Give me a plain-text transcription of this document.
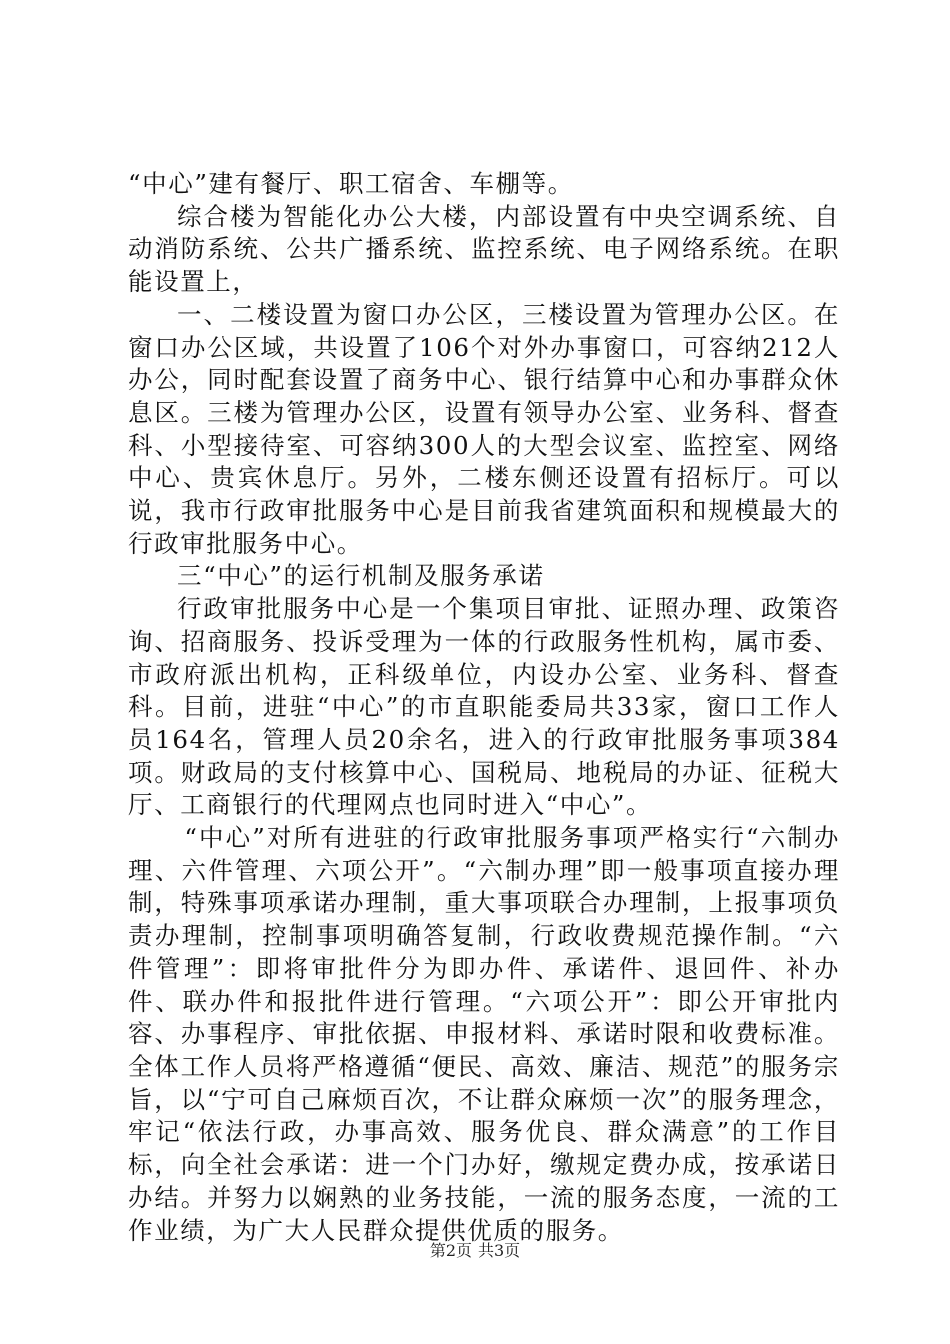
“中心”建有餐厅、职工宿舍、车棚等。

综合楼为智能化办公大楼，内部设置有中央空调系统、自动消防系统、公共广播系统、监控系统、电子网络系统。在职能设置上，

一、二楼设置为窗口办公区，三楼设置为管理办公区。在窗口办公区域，共设置了106个对外办事窗口，可容纳212人办公，同时配套设置了商务中心、银行结算中心和办事群众休息区。三楼为管理办公区，设置有领导办公室、业务科、督查科、小型接待室、可容纳300人的大型会议室、监控室、网络中心、贵宾休息厅。另外，二楼东侧还设置有招标厅。可以说，我市行政审批服务中心是目前我省建筑面积和规模最大的行政审批服务中心。

三“中心”的运行机制及服务承诺

行政审批服务中心是一个集项目审批、证照办理、政策咨询、招商服务、投诉受理为一体的行政服务性机构，属市委、市政府派出机构，正科级单位，内设办公室、业务科、督查科。目前，进驻“中心”的市直职能委局共33家，窗口工作人员164名，管理人员20余名，进入的行政审批服务事项384项。财政局的支付核算中心、国税局、地税局的办证、征税大厅、工商银行的代理网点也同时进入“中心”。

“中心”对所有进驻的行政审批服务事项严格实行“六制办理、六件管理、六项公开”。“六制办理”即一般事项直接办理制，特殊事项承诺办理制，重大事项联合办理制，上报事项负责办理制，控制事项明确答复制，行政收费规范操作制。“六件管理”：即将审批件分为即办件、承诺件、退回件、补办件、联办件和报批件进行管理。“六项公开”：即公开审批内容、办事程序、审批依据、申报材料、承诺时限和收费标准。全体工作人员将严格遵循“便民、高效、廉洁、规范”的服务宗旨，以“宁可自己麻烦百次，不让群众麻烦一次”的服务理念，牢记“依法行政，办事高效、服务优良、群众满意”的工作目标，向全社会承诺：进一个门办好，缴规定费办成，按承诺日办结。并努力以娴熟的业务技能，一流的服务态度，一流的工作业绩，为广大人民群众提供优质的服务。

第2页 共3页
